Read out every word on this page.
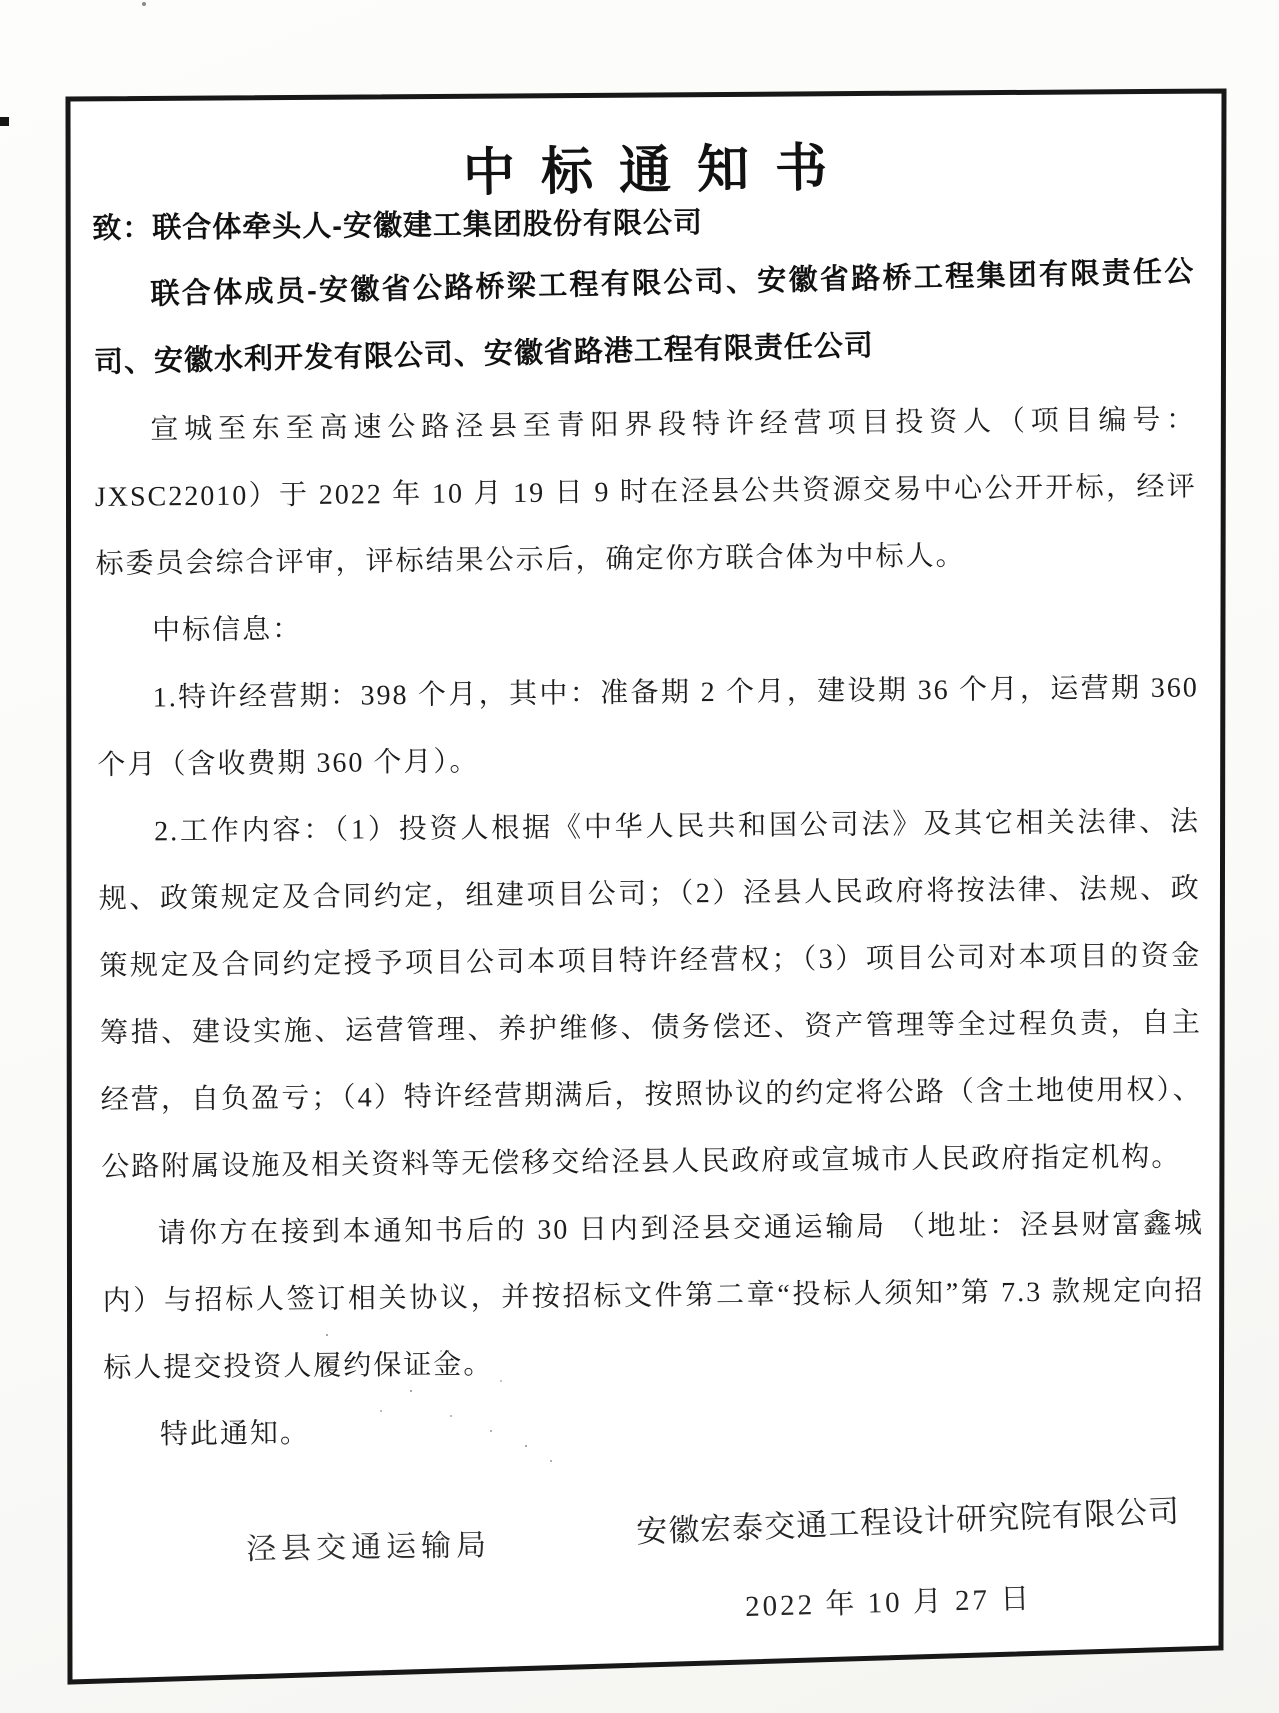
中标通知书

致：联合体牵头人-安徽建工集团股份有限公司

联合体成员-安徽省公路桥梁工程有限公司、安徽省路桥工程集团有限责任公司、安徽水利开发有限公司、安徽省路港工程有限责任公司

宣城至东至高速公路泾县至青阳界段特许经营项目投资人（项目编号：JXSC22010）于 2022 年 10 月 19 日 9 时在泾县公共资源交易中心公开开标，经评标委员会综合评审，评标结果公示后，确定你方联合体为中标人。

中标信息：

1.特许经营期：398 个月，其中：准备期 2 个月，建设期 36 个月，运营期 360 个月（含收费期 360 个月）。

2.工作内容：（1）投资人根据《中华人民共和国公司法》及其它相关法律、法规、政策规定及合同约定，组建项目公司；（2）泾县人民政府将按法律、法规、政策规定及合同约定授予项目公司本项目特许经营权；（3）项目公司对本项目的资金筹措、建设实施、运营管理、养护维修、债务偿还、资产管理等全过程负责，自主经营，自负盈亏；（4）特许经营期满后，按照协议的约定将公路（含土地使用权）、公路附属设施及相关资料等无偿移交给泾县人民政府或宣城市人民政府指定机构。

请你方在接到本通知书后的 30 日内到泾县交通运输局 （地址：泾县财富鑫城内）与招标人签订相关协议，并按招标文件第二章“投标人须知”第 7.3 款规定向招标人提交投资人履约保证金。

特此通知。

泾县交通运输局	安徽宏泰交通工程设计研究院有限公司
2022 年 10 月 27 日
